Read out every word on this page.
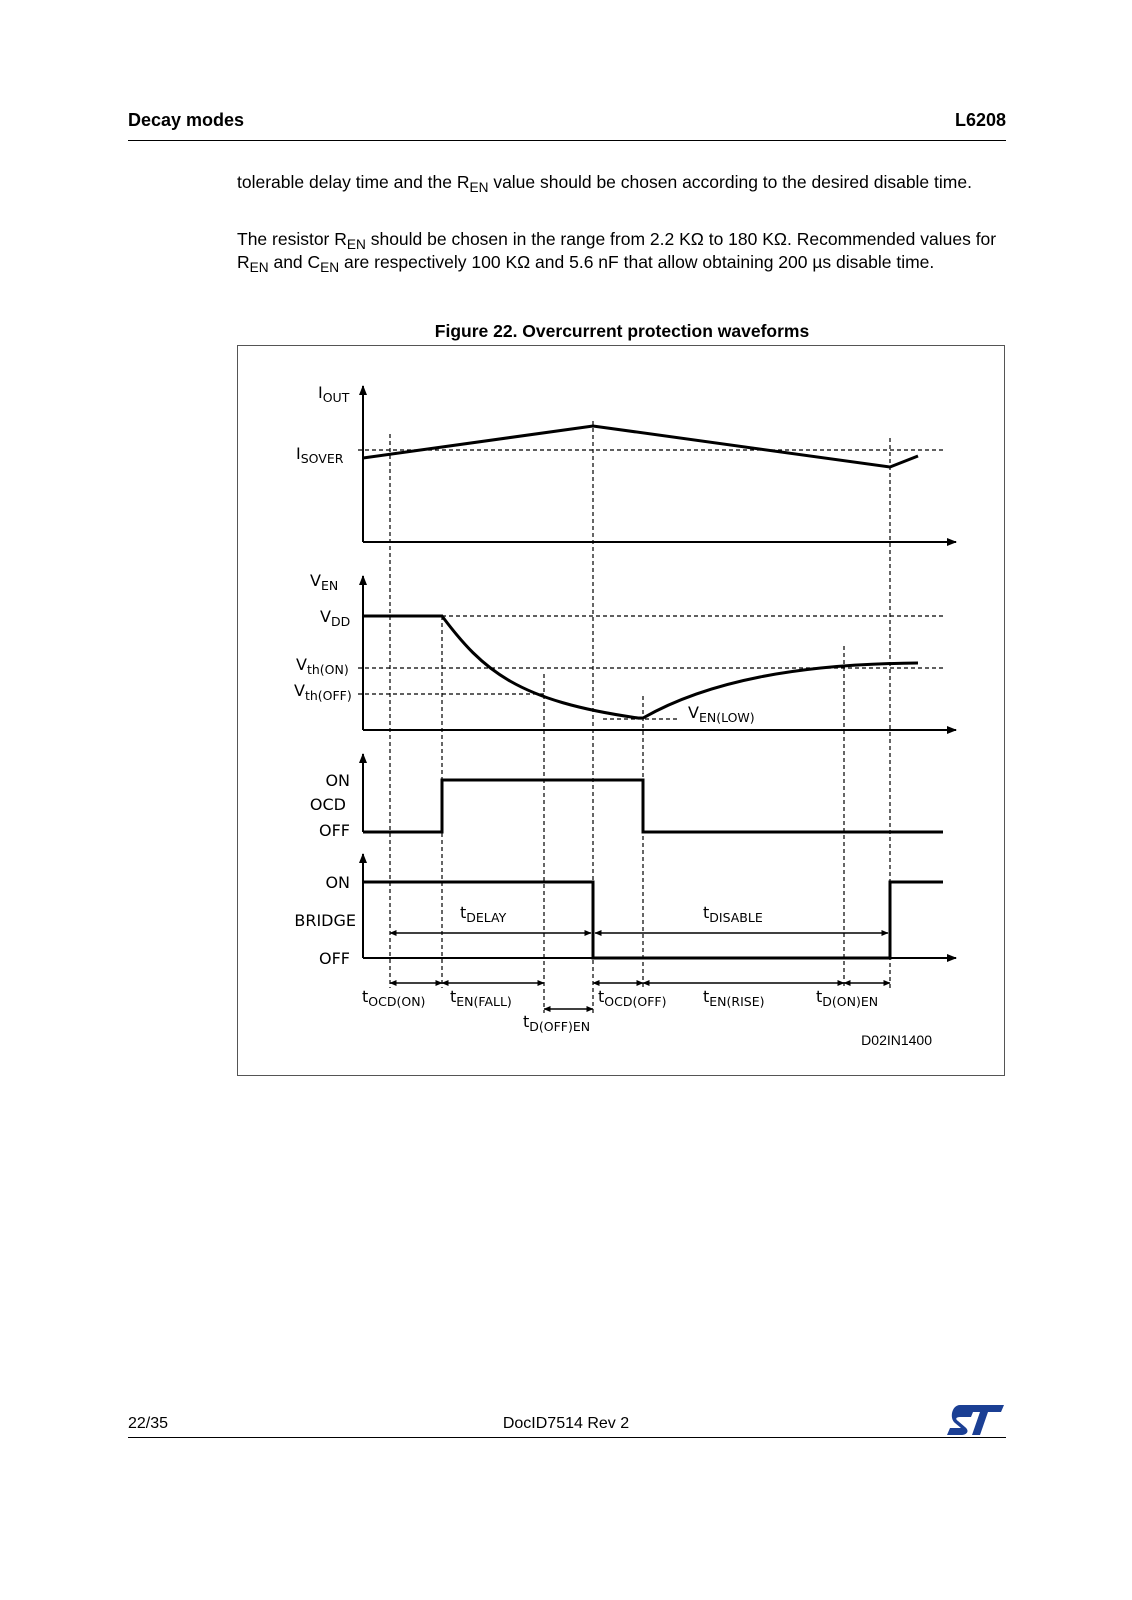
Decay modes	L6208
tolerable delay time and the $R_{EN}$ value should be chosen according to the desired disable time.
The resistor $R_{EN}$ should be chosen in the range from 2.2 KΩ to 180 KΩ. Recommended values for $R_{EN}$ and $C_{EN}$ are respectively 100 KΩ and 5.6 nF that allow obtaining 200 µs disable time.
Figure 22. Overcurrent protection waveforms
$I_{OUT}$
$I_{SOVER}$
$V_{EN}$
$V_{DD}$
$V_{th(ON)}$
$V_{th(OFF)}$
$V_{EN(LOW)}$
ON
OCD
OFF
ON
BRIDGE
OFF
$t_{DELAY}$	$t_{DISABLE}$
$t_{OCD(ON)}$ $t_{EN(FALL)}$
$t_{D(OFF)EN}$
$t_{OCD(OFF)}$ $t_{EN(RISE)}$	$t_{D(ON)EN}$
D02IN1400
22/35	DocID7514 Rev 2
